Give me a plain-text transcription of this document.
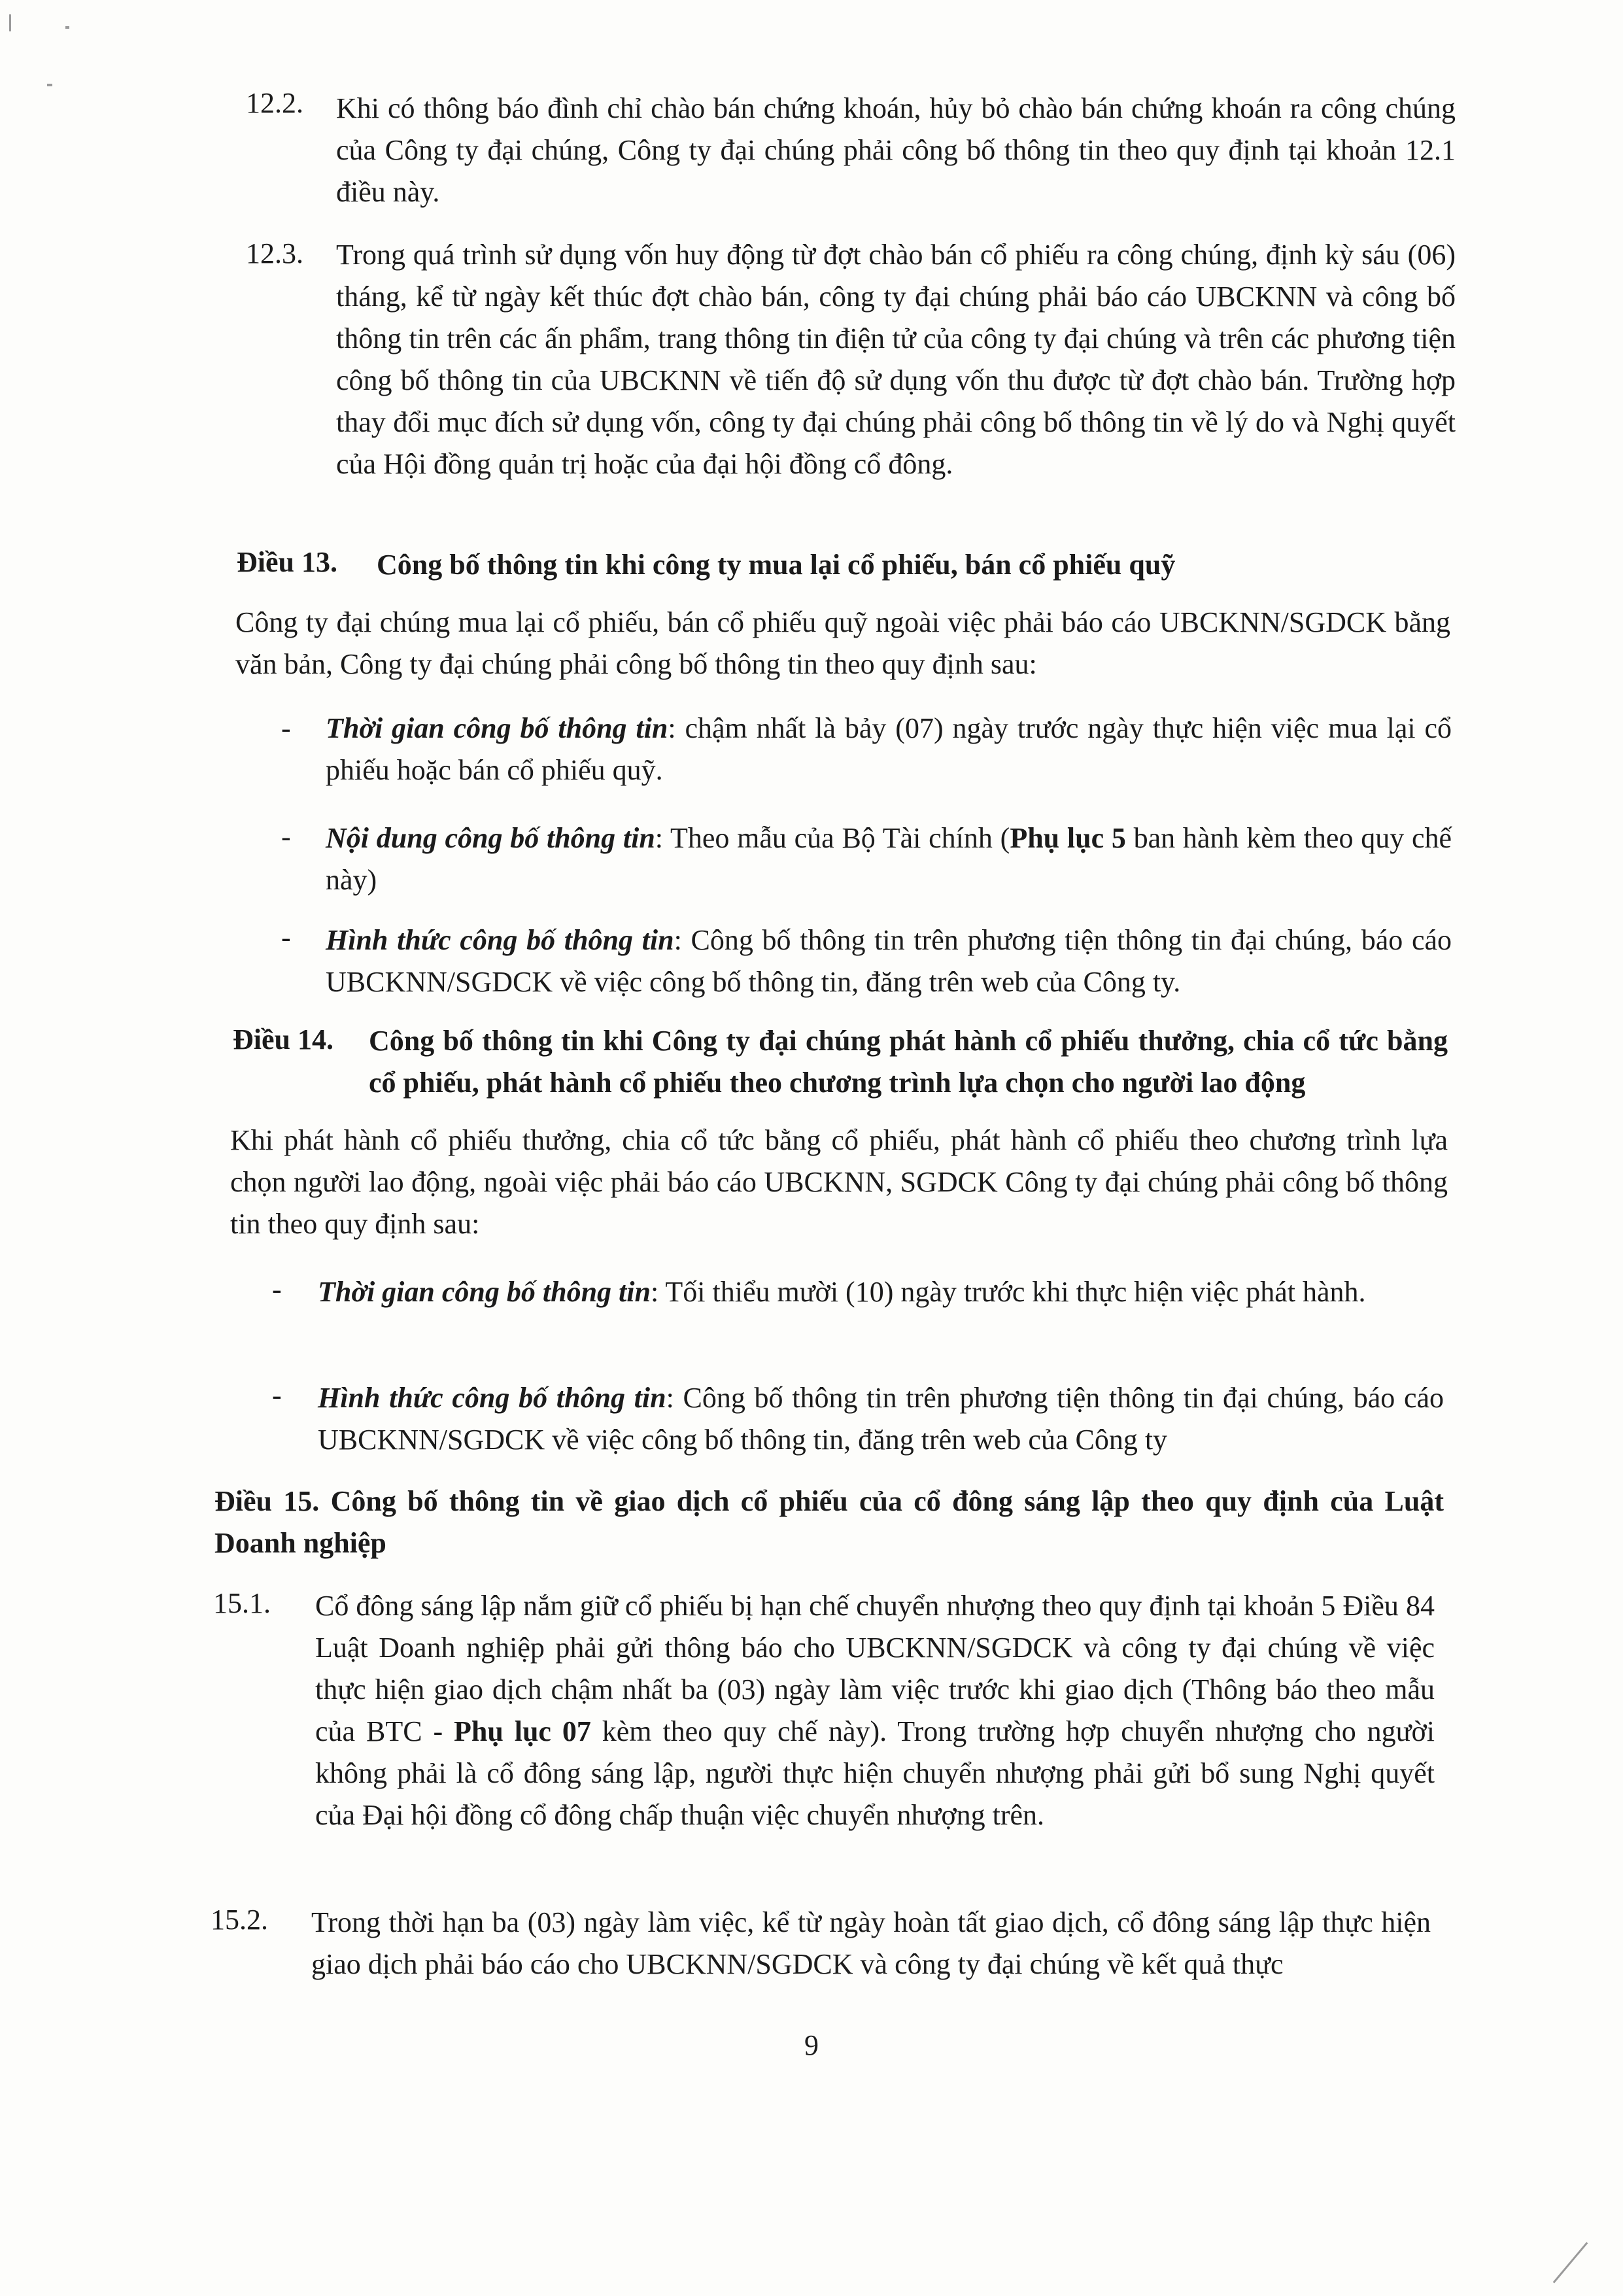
12.2. Khi có thông báo đình chỉ chào bán chứng khoán, hủy bỏ chào bán chứng khoán ra công chúng của Công ty đại chúng, Công ty đại chúng phải công bố thông tin theo quy định tại khoản 12.1 điều này.
12.3. Trong quá trình sử dụng vốn huy động từ đợt chào bán cổ phiếu ra công chúng, định kỳ sáu (06) tháng, kể từ ngày kết thúc đợt chào bán, công ty đại chúng phải báo cáo UBCKNN và công bố thông tin trên các ấn phẩm, trang thông tin điện tử của công ty đại chúng và trên các phương tiện công bố thông tin của UBCKNN về tiến độ sử dụng vốn thu được từ đợt chào bán. Trường hợp thay đổi mục đích sử dụng vốn, công ty đại chúng phải công bố thông tin về lý do và Nghị quyết của Hội đồng quản trị hoặc của đại hội đồng cổ đông.
Điều 13. Công bố thông tin khi công ty mua lại cổ phiếu, bán cổ phiếu quỹ
Công ty đại chúng mua lại cổ phiếu, bán cổ phiếu quỹ ngoài việc phải báo cáo UBCKNN/SGDCK bằng văn bản, Công ty đại chúng phải công bố thông tin theo quy định sau:
- Thời gian công bố thông tin: chậm nhất là bảy (07) ngày trước ngày thực hiện việc mua lại cổ phiếu hoặc bán cổ phiếu quỹ.
- Nội dung công bố thông tin: Theo mẫu của Bộ Tài chính (Phụ lục 5 ban hành kèm theo quy chế này)
- Hình thức công bố thông tin: Công bố thông tin trên phương tiện thông tin đại chúng, báo cáo UBCKNN/SGDCK về việc công bố thông tin, đăng trên web của Công ty.
Điều 14. Công bố thông tin khi Công ty đại chúng phát hành cổ phiếu thưởng, chia cổ tức bằng cổ phiếu, phát hành cổ phiếu theo chương trình lựa chọn cho người lao động
Khi phát hành cổ phiếu thưởng, chia cổ tức bằng cổ phiếu, phát hành cổ phiếu theo chương trình lựa chọn người lao động, ngoài việc phải báo cáo UBCKNN, SGDCK Công ty đại chúng phải công bố thông tin theo quy định sau:
- Thời gian công bố thông tin: Tối thiểu mười (10) ngày trước khi thực hiện việc phát hành.
- Hình thức công bố thông tin: Công bố thông tin trên phương tiện thông tin đại chúng, báo cáo UBCKNN/SGDCK về việc công bố thông tin, đăng trên web của Công ty
Điều 15. Công bố thông tin về giao dịch cổ phiếu của cổ đông sáng lập theo quy định của Luật Doanh nghiệp
15.1. Cổ đông sáng lập nắm giữ cổ phiếu bị hạn chế chuyển nhượng theo quy định tại khoản 5 Điều 84 Luật Doanh nghiệp phải gửi thông báo cho UBCKNN/SGDCK và công ty đại chúng về việc thực hiện giao dịch chậm nhất ba (03) ngày làm việc trước khi giao dịch (Thông báo theo mẫu của BTC - Phụ lục 07 kèm theo quy chế này). Trong trường hợp chuyển nhượng cho người không phải là cổ đông sáng lập, người thực hiện chuyển nhượng phải gửi bổ sung Nghị quyết của Đại hội đồng cổ đông chấp thuận việc chuyển nhượng trên.
15.2. Trong thời hạn ba (03) ngày làm việc, kể từ ngày hoàn tất giao dịch, cổ đông sáng lập thực hiện giao dịch phải báo cáo cho UBCKNN/SGDCK và công ty đại chúng về kết quả thực
9
